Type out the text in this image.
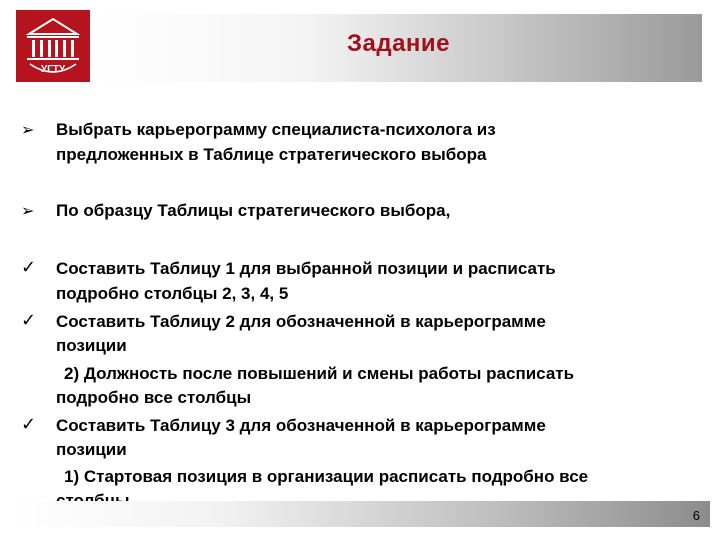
Задание
УГТУ
➢	Выбрать карьерограмму специалиста-психолога из
предложенных в Таблице стратегического выбора
➢	По образцу Таблицы стратегического выбора,
✓	Составить Таблицу 1 для выбранной позиции и расписать
подробно столбцы 2, 3, 4, 5
✓	Составить Таблицу 2 для обозначенной в карьерограмме
позиции
2) Должность после повышений и смены работы расписать
подробно все столбцы
✓	Составить Таблицу 3 для обозначенной в карьерограмме
позиции
1) Стартовая позиция в организации расписать подробно все
6
